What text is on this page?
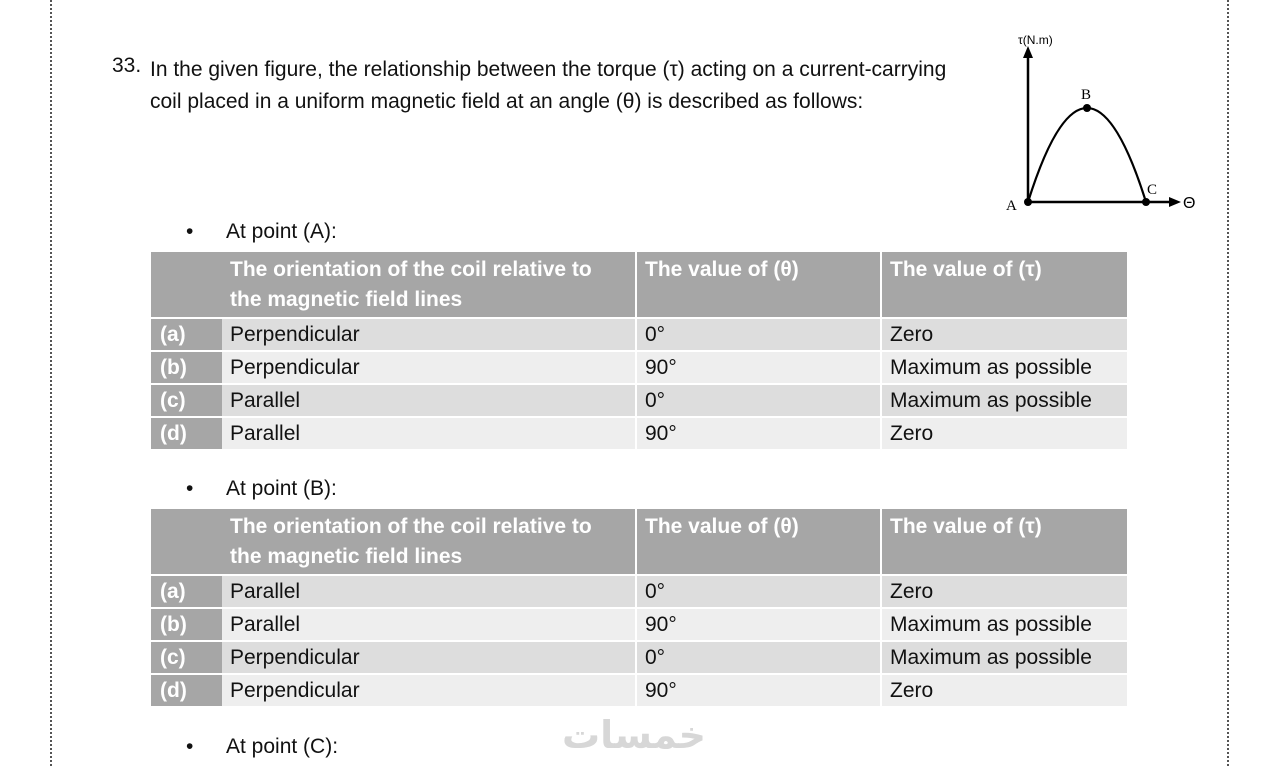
33. In the given figure, the relationship between the torque (τ) acting on a current-carrying coil placed in a uniform magnetic field at an angle (θ) is described as follows:
τ(N.m)
Θ
A
B
C
• At point (A):
	The orientation of the coil relative to the magnetic field lines	The value of (θ)	The value of (τ)
(a)	Perpendicular	0°	Zero
(b)	Perpendicular	90°	Maximum as possible
(c)	Parallel	0°	Maximum as possible
(d)	Parallel	90°	Zero
• At point (B):
	The orientation of the coil relative to the magnetic field lines	The value of (θ)	The value of (τ)
(a)	Parallel	0°	Zero
(b)	Parallel	90°	Maximum as possible
(c)	Perpendicular	0°	Maximum as possible
(d)	Perpendicular	90°	Zero
خمسات
• At point (C):
